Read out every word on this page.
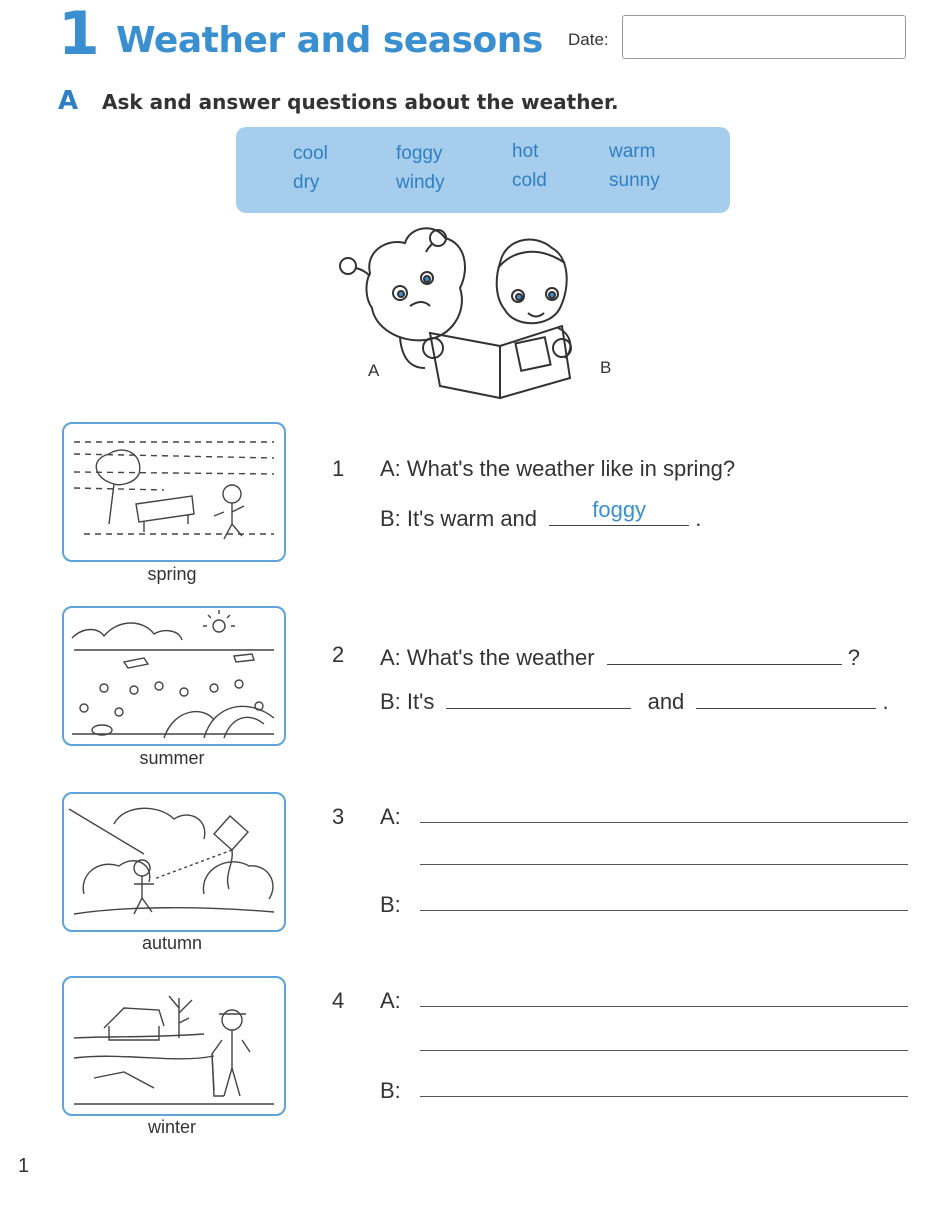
1 Weather and seasons Date:
A Ask and answer questions about the weather.
cool	foggy	hot	warm
dry	windy	cold	sunny
A	B
spring
summer
autumn
winter
1 A: What's the weather like in spring?
B: It's warm and	foggy	.
2 A: What's the weather	?
B: It's	and	.
3 A:
B:
4 A:
B:
1
